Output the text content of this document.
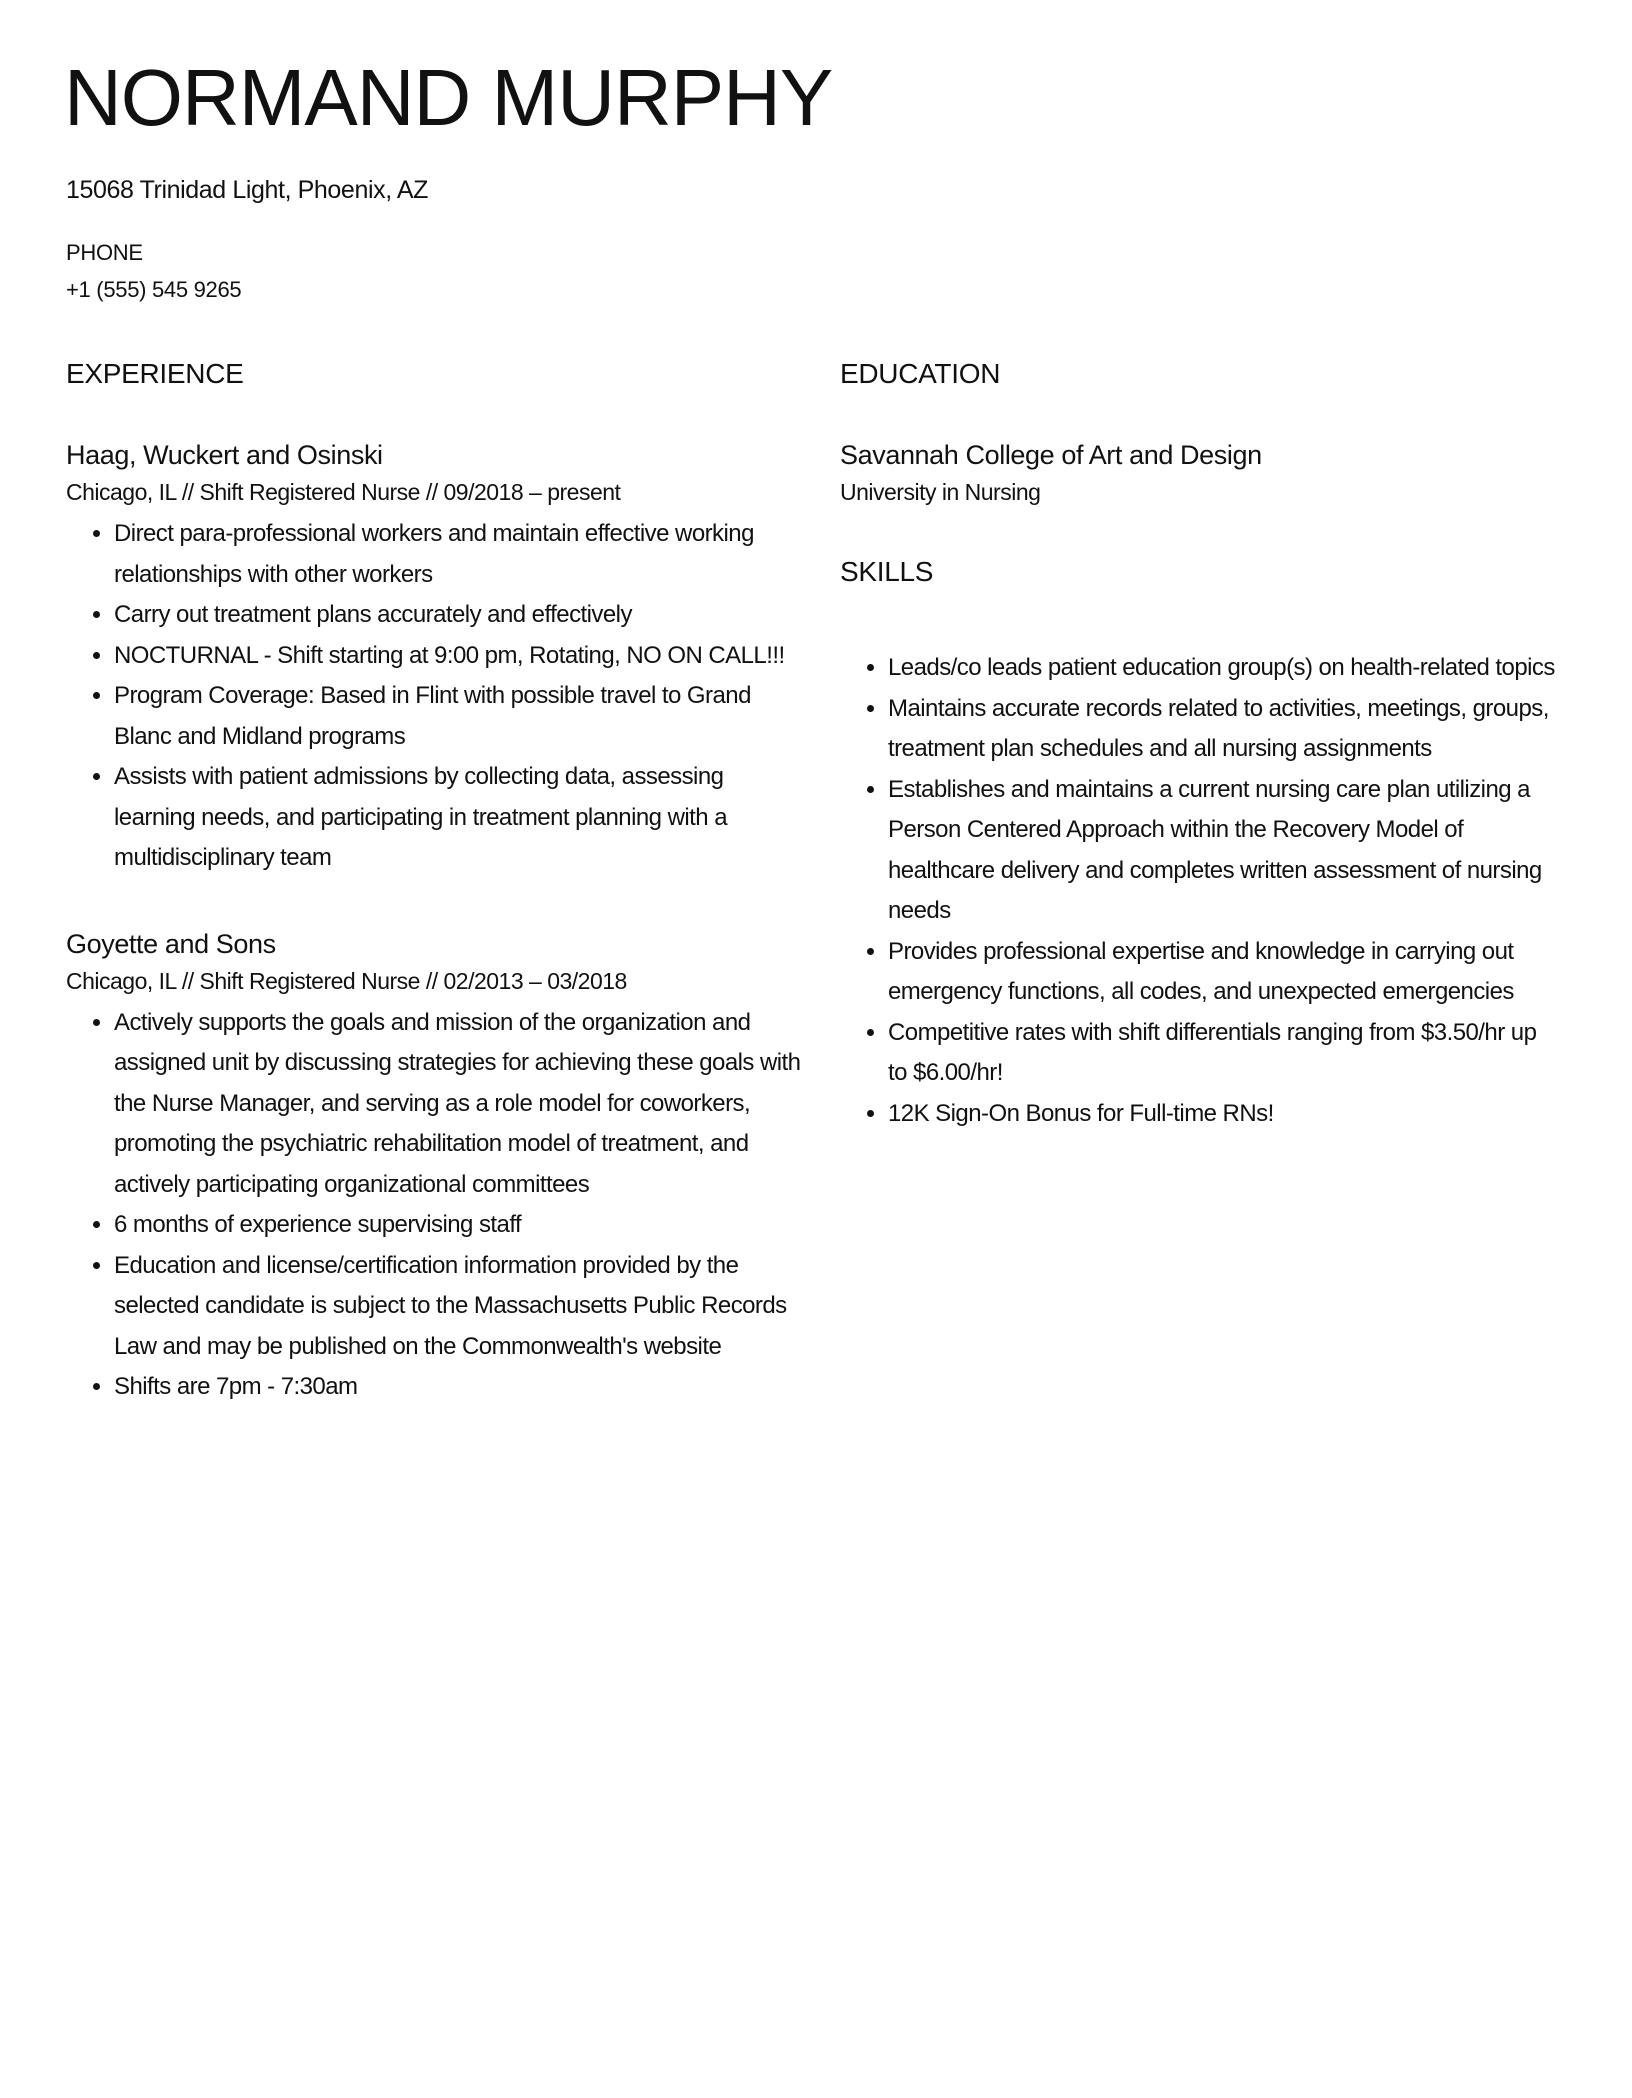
NORMAND MURPHY
15068 Trinidad Light, Phoenix, AZ
PHONE
+1 (555) 545 9265
EXPERIENCE
Haag, Wuckert and Osinski
Chicago, IL // Shift Registered Nurse // 09/2018 – present
• Direct para-professional workers and maintain effective working relationships with other workers
• Carry out treatment plans accurately and effectively
• NOCTURNAL - Shift starting at 9:00 pm, Rotating, NO ON CALL!!!
• Program Coverage: Based in Flint with possible travel to Grand Blanc and Midland programs
• Assists with patient admissions by collecting data, assessing learning needs, and participating in treatment planning with a multidisciplinary team
Goyette and Sons
Chicago, IL // Shift Registered Nurse // 02/2013 – 03/2018
• Actively supports the goals and mission of the organization and assigned unit by discussing strategies for achieving these goals with the Nurse Manager, and serving as a role model for coworkers, promoting the psychiatric rehabilitation model of treatment, and actively participating organizational committees
• 6 months of experience supervising staff
• Education and license/certification information provided by the selected candidate is subject to the Massachusetts Public Records Law and may be published on the Commonwealth's website
• Shifts are 7pm - 7:30am
EDUCATION
Savannah College of Art and Design
University in Nursing
SKILLS
• Leads/co leads patient education group(s) on health-related topics
• Maintains accurate records related to activities, meetings, groups, treatment plan schedules and all nursing assignments
• Establishes and maintains a current nursing care plan utilizing a Person Centered Approach within the Recovery Model of healthcare delivery and completes written assessment of nursing needs
• Provides professional expertise and knowledge in carrying out emergency functions, all codes, and unexpected emergencies
• Competitive rates with shift differentials ranging from $3.50/hr up to $6.00/hr!
• 12K Sign-On Bonus for Full-time RNs!
